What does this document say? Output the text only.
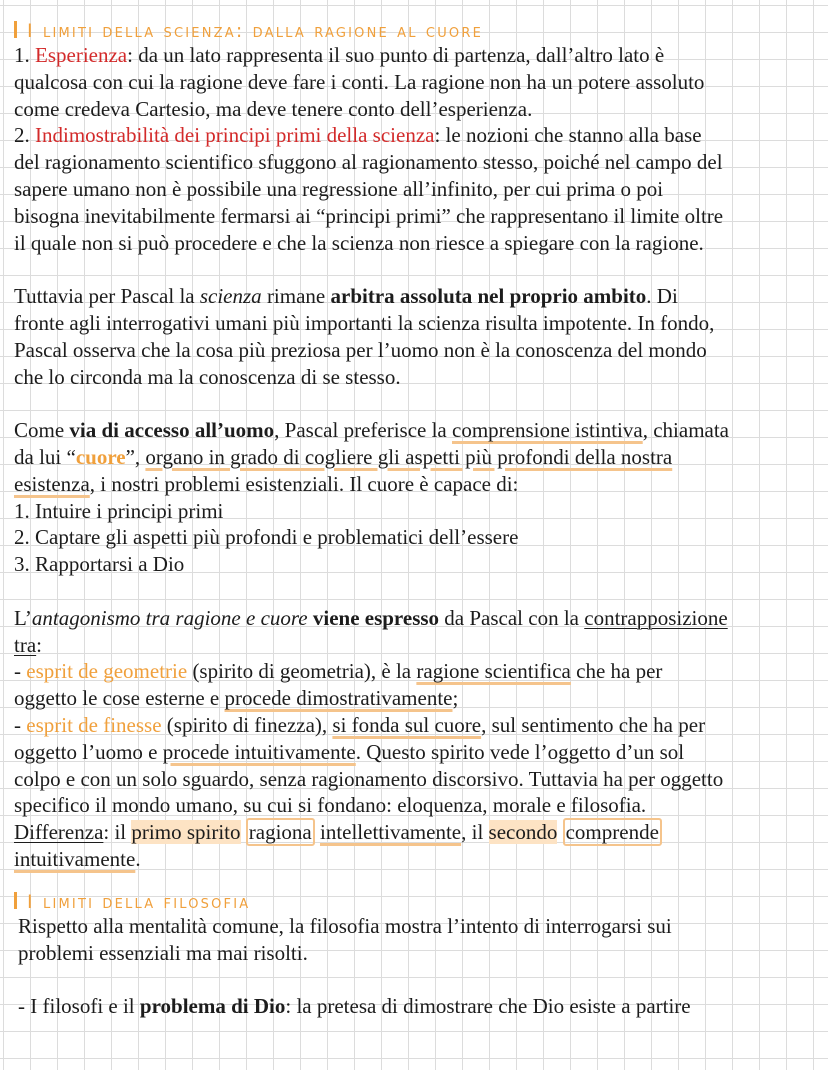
I limiti della scienza: dalla ragione al cuore
1. Esperienza: da un lato rappresenta il suo punto di partenza, dall’altro lato è
qualcosa con cui la ragione deve fare i conti. La ragione non ha un potere assoluto
come credeva Cartesio, ma deve tenere conto dell’esperienza.
2. Indimostrabilità dei principi primi della scienza: le nozioni che stanno alla base
del ragionamento scientifico sfuggono al ragionamento stesso, poiché nel campo del
sapere umano non è possibile una regressione all’infinito, per cui prima o poi
bisogna inevitabilmente fermarsi ai “principi primi” che rappresentano il limite oltre
il quale non si può procedere e che la scienza non riesce a spiegare con la ragione.
Tuttavia per Pascal la scienza rimane arbitra assoluta nel proprio ambito. Di
fronte agli interrogativi umani più importanti la scienza risulta impotente. In fondo,
Pascal osserva che la cosa più preziosa per l’uomo non è la conoscenza del mondo
che lo circonda ma la conoscenza di se stesso.
Come via di accesso all’uomo, Pascal preferisce la comprensione istintiva, chiamata
da lui “cuore”, organo in grado di cogliere gli aspetti più profondi della nostra
esistenza, i nostri problemi esistenziali. Il cuore è capace di:
1. Intuire i principi primi
2. Captare gli aspetti più profondi e problematici dell’essere
3. Rapportarsi a Dio
L’antagonismo tra ragione e cuore viene espresso da Pascal con la contrapposizione
tra:
- esprit de geometrie (spirito di geometria), è la ragione scientifica che ha per
oggetto le cose esterne e procede dimostrativamente;
- esprit de finesse (spirito di finezza), si fonda sul cuore, sul sentimento che ha per
oggetto l’uomo e procede intuitivamente. Questo spirito vede l’oggetto d’un sol
colpo e con un solo sguardo, senza ragionamento discorsivo. Tuttavia ha per oggetto
specifico il mondo umano, su cui si fondano: eloquenza, morale e filosofia.
Differenza: il primo spirito ragiona intellettivamente, il secondo comprende
intuitivamente.
I limiti della filosofia
Rispetto alla mentalità comune, la filosofia mostra l’intento di interrogarsi sui
problemi essenziali ma mai risolti.
- I filosofi e il problema di Dio: la pretesa di dimostrare che Dio esiste a partire
